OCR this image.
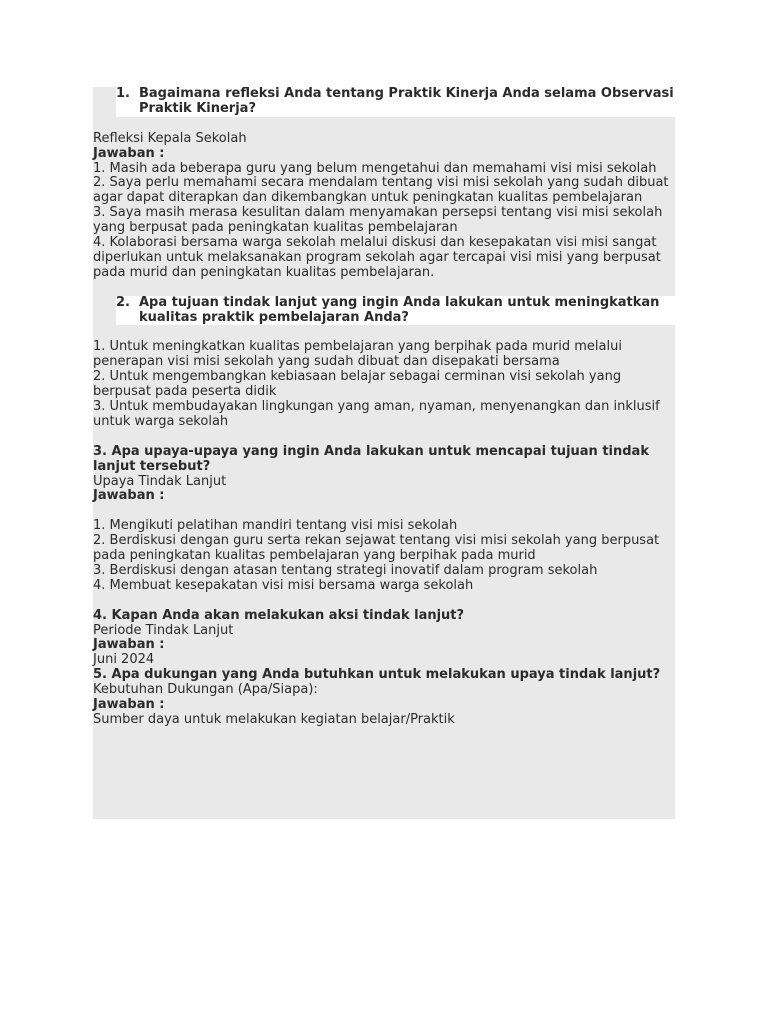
1. Bagaimana refleksi Anda tentang Praktik Kinerja Anda selama Observasi Praktik Kinerja?
Refleksi Kepala Sekolah
Jawaban :
1. Masih ada beberapa guru yang belum mengetahui dan memahami visi misi sekolah
2. Saya perlu memahami secara mendalam tentang visi misi sekolah yang sudah dibuat agar dapat diterapkan dan dikembangkan untuk peningkatan kualitas pembelajaran
3. Saya masih merasa kesulitan dalam menyamakan persepsi tentang visi misi sekolah yang berpusat pada peningkatan kualitas pembelajaran
4. Kolaborasi bersama warga sekolah melalui diskusi dan kesepakatan visi misi sangat diperlukan untuk melaksanakan program sekolah agar tercapai visi misi yang berpusat pada murid dan peningkatan kualitas pembelajaran.
2. Apa tujuan tindak lanjut yang ingin Anda lakukan untuk meningkatkan kualitas praktik pembelajaran Anda?
1. Untuk meningkatkan kualitas pembelajaran yang berpihak pada murid melalui penerapan visi misi sekolah yang sudah dibuat dan disepakati bersama
2. Untuk mengembangkan kebiasaan belajar sebagai cerminan visi sekolah yang berpusat pada peserta didik
3. Untuk membudayakan lingkungan yang aman, nyaman, menyenangkan dan inklusif untuk warga sekolah
3. Apa upaya-upaya yang ingin Anda lakukan untuk mencapai tujuan tindak lanjut tersebut?
Upaya Tindak Lanjut
Jawaban :
1. Mengikuti pelatihan mandiri tentang visi misi sekolah
2. Berdiskusi dengan guru serta rekan sejawat tentang visi misi sekolah yang berpusat pada peningkatan kualitas pembelajaran yang berpihak pada murid
3. Berdiskusi dengan atasan tentang strategi inovatif dalam program sekolah
4. Membuat kesepakatan visi misi bersama warga sekolah
4. Kapan Anda akan melakukan aksi tindak lanjut?
Periode Tindak Lanjut
Jawaban :
Juni 2024
5. Apa dukungan yang Anda butuhkan untuk melakukan upaya tindak lanjut?
Kebutuhan Dukungan (Apa/Siapa):
Jawaban :
Sumber daya untuk melakukan kegiatan belajar/Praktik
